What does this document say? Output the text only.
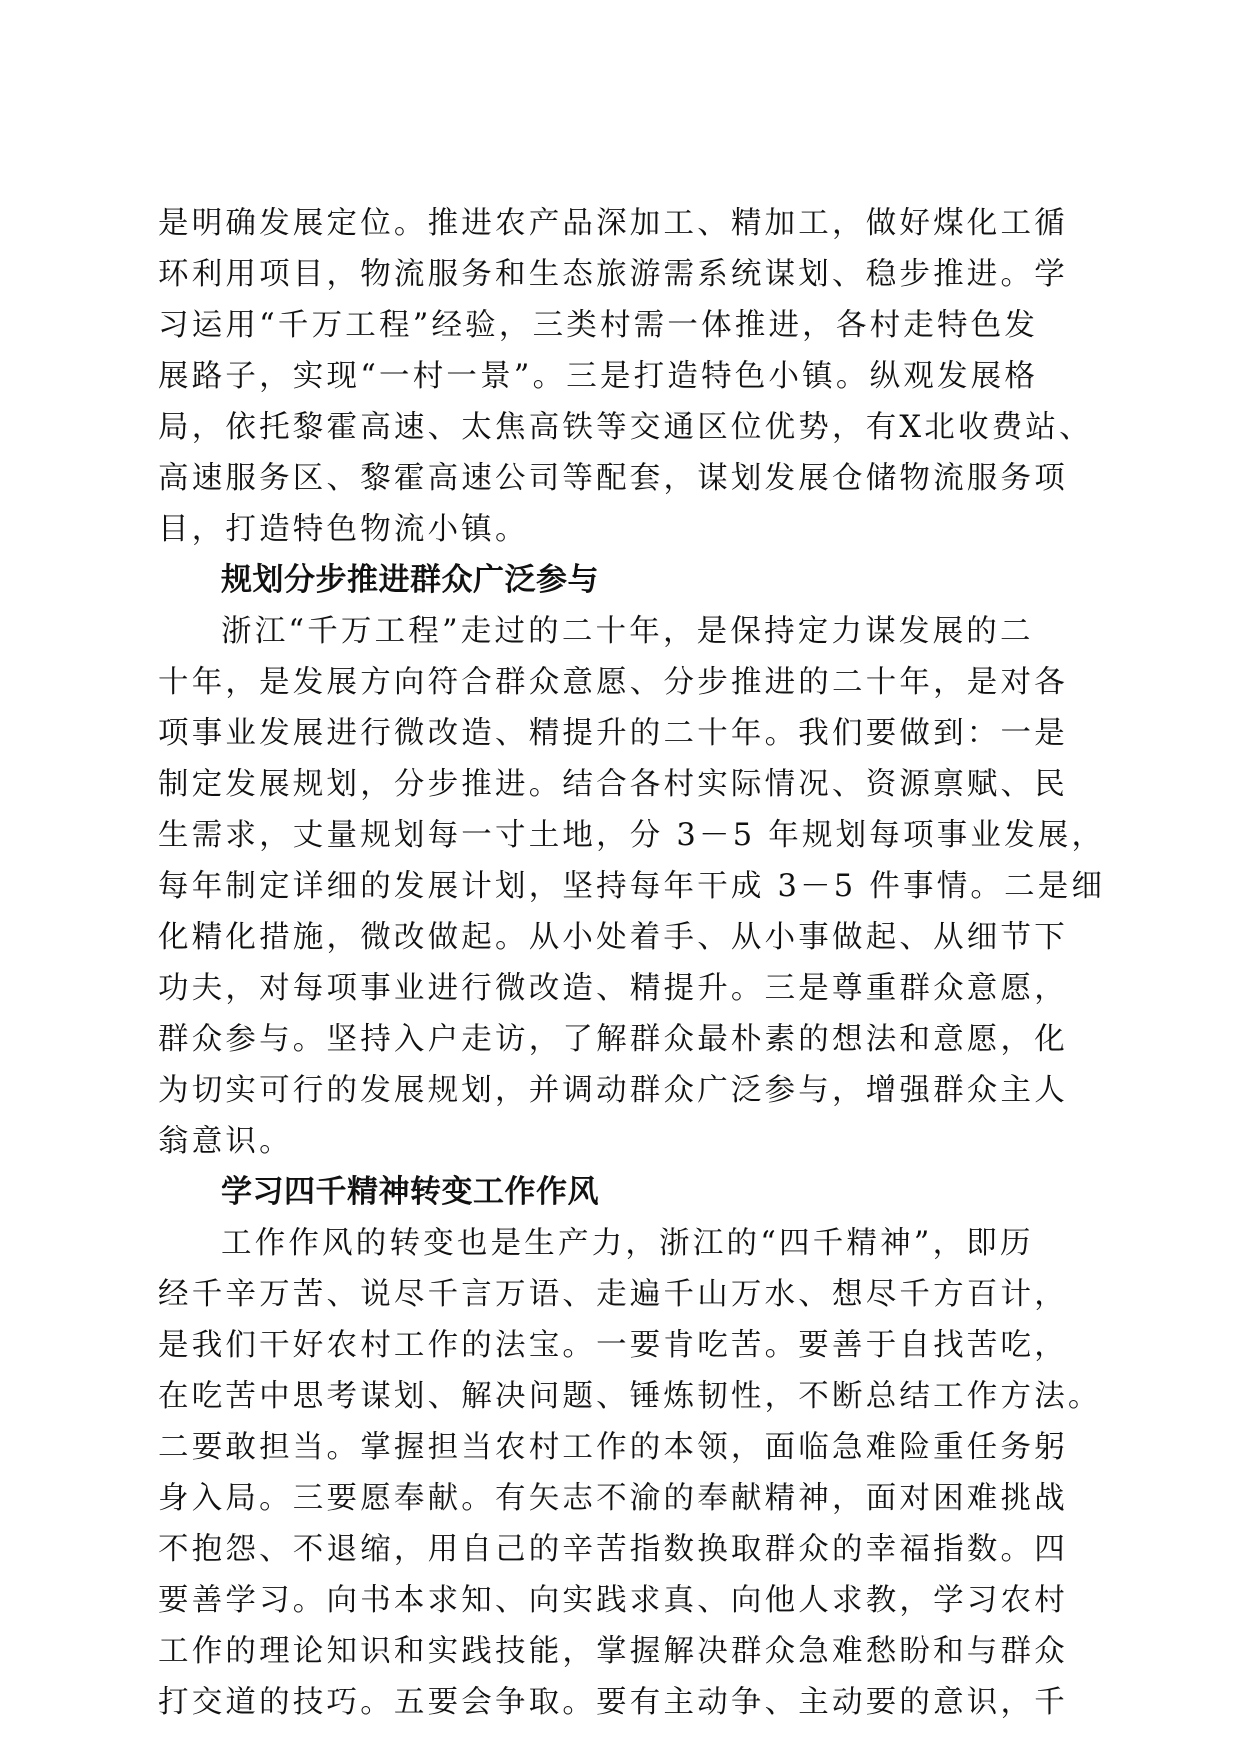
是明确发展定位。推进农产品深加工、精加工，做好煤化工循
环利用项目，物流服务和生态旅游需系统谋划、稳步推进。学
习运用“千万工程”经验，三类村需一体推进，各村走特色发
展路子，实现“一村一景”。三是打造特色小镇。纵观发展格
局，依托黎霍高速、太焦高铁等交通区位优势，有X北收费站、
高速服务区、黎霍高速公司等配套，谋划发展仓储物流服务项
目，打造特色物流小镇。
规划分步推进群众广泛参与
浙江“千万工程”走过的二十年，是保持定力谋发展的二
十年，是发展方向符合群众意愿、分步推进的二十年，是对各
项事业发展进行微改造、精提升的二十年。我们要做到：一是
制定发展规划，分步推进。结合各村实际情况、资源禀赋、民
生需求，丈量规划每一寸土地，分 3－5 年规划每项事业发展，
每年制定详细的发展计划，坚持每年干成 3－5 件事情。二是细
化精化措施，微改做起。从小处着手、从小事做起、从细节下
功夫，对每项事业进行微改造、精提升。三是尊重群众意愿，
群众参与。坚持入户走访，了解群众最朴素的想法和意愿，化
为切实可行的发展规划，并调动群众广泛参与，增强群众主人
翁意识。
学习四千精神转变工作作风
工作作风的转变也是生产力，浙江的“四千精神”，即历
经千辛万苦、说尽千言万语、走遍千山万水、想尽千方百计，
是我们干好农村工作的法宝。一要肯吃苦。要善于自找苦吃，
在吃苦中思考谋划、解决问题、锤炼韧性，不断总结工作方法。
二要敢担当。掌握担当农村工作的本领，面临急难险重任务躬
身入局。三要愿奉献。有矢志不渝的奉献精神，面对困难挑战
不抱怨、不退缩，用自己的辛苦指数换取群众的幸福指数。四
要善学习。向书本求知、向实践求真、向他人求教，学习农村
工作的理论知识和实践技能，掌握解决群众急难愁盼和与群众
打交道的技巧。五要会争取。要有主动争、主动要的意识，千
